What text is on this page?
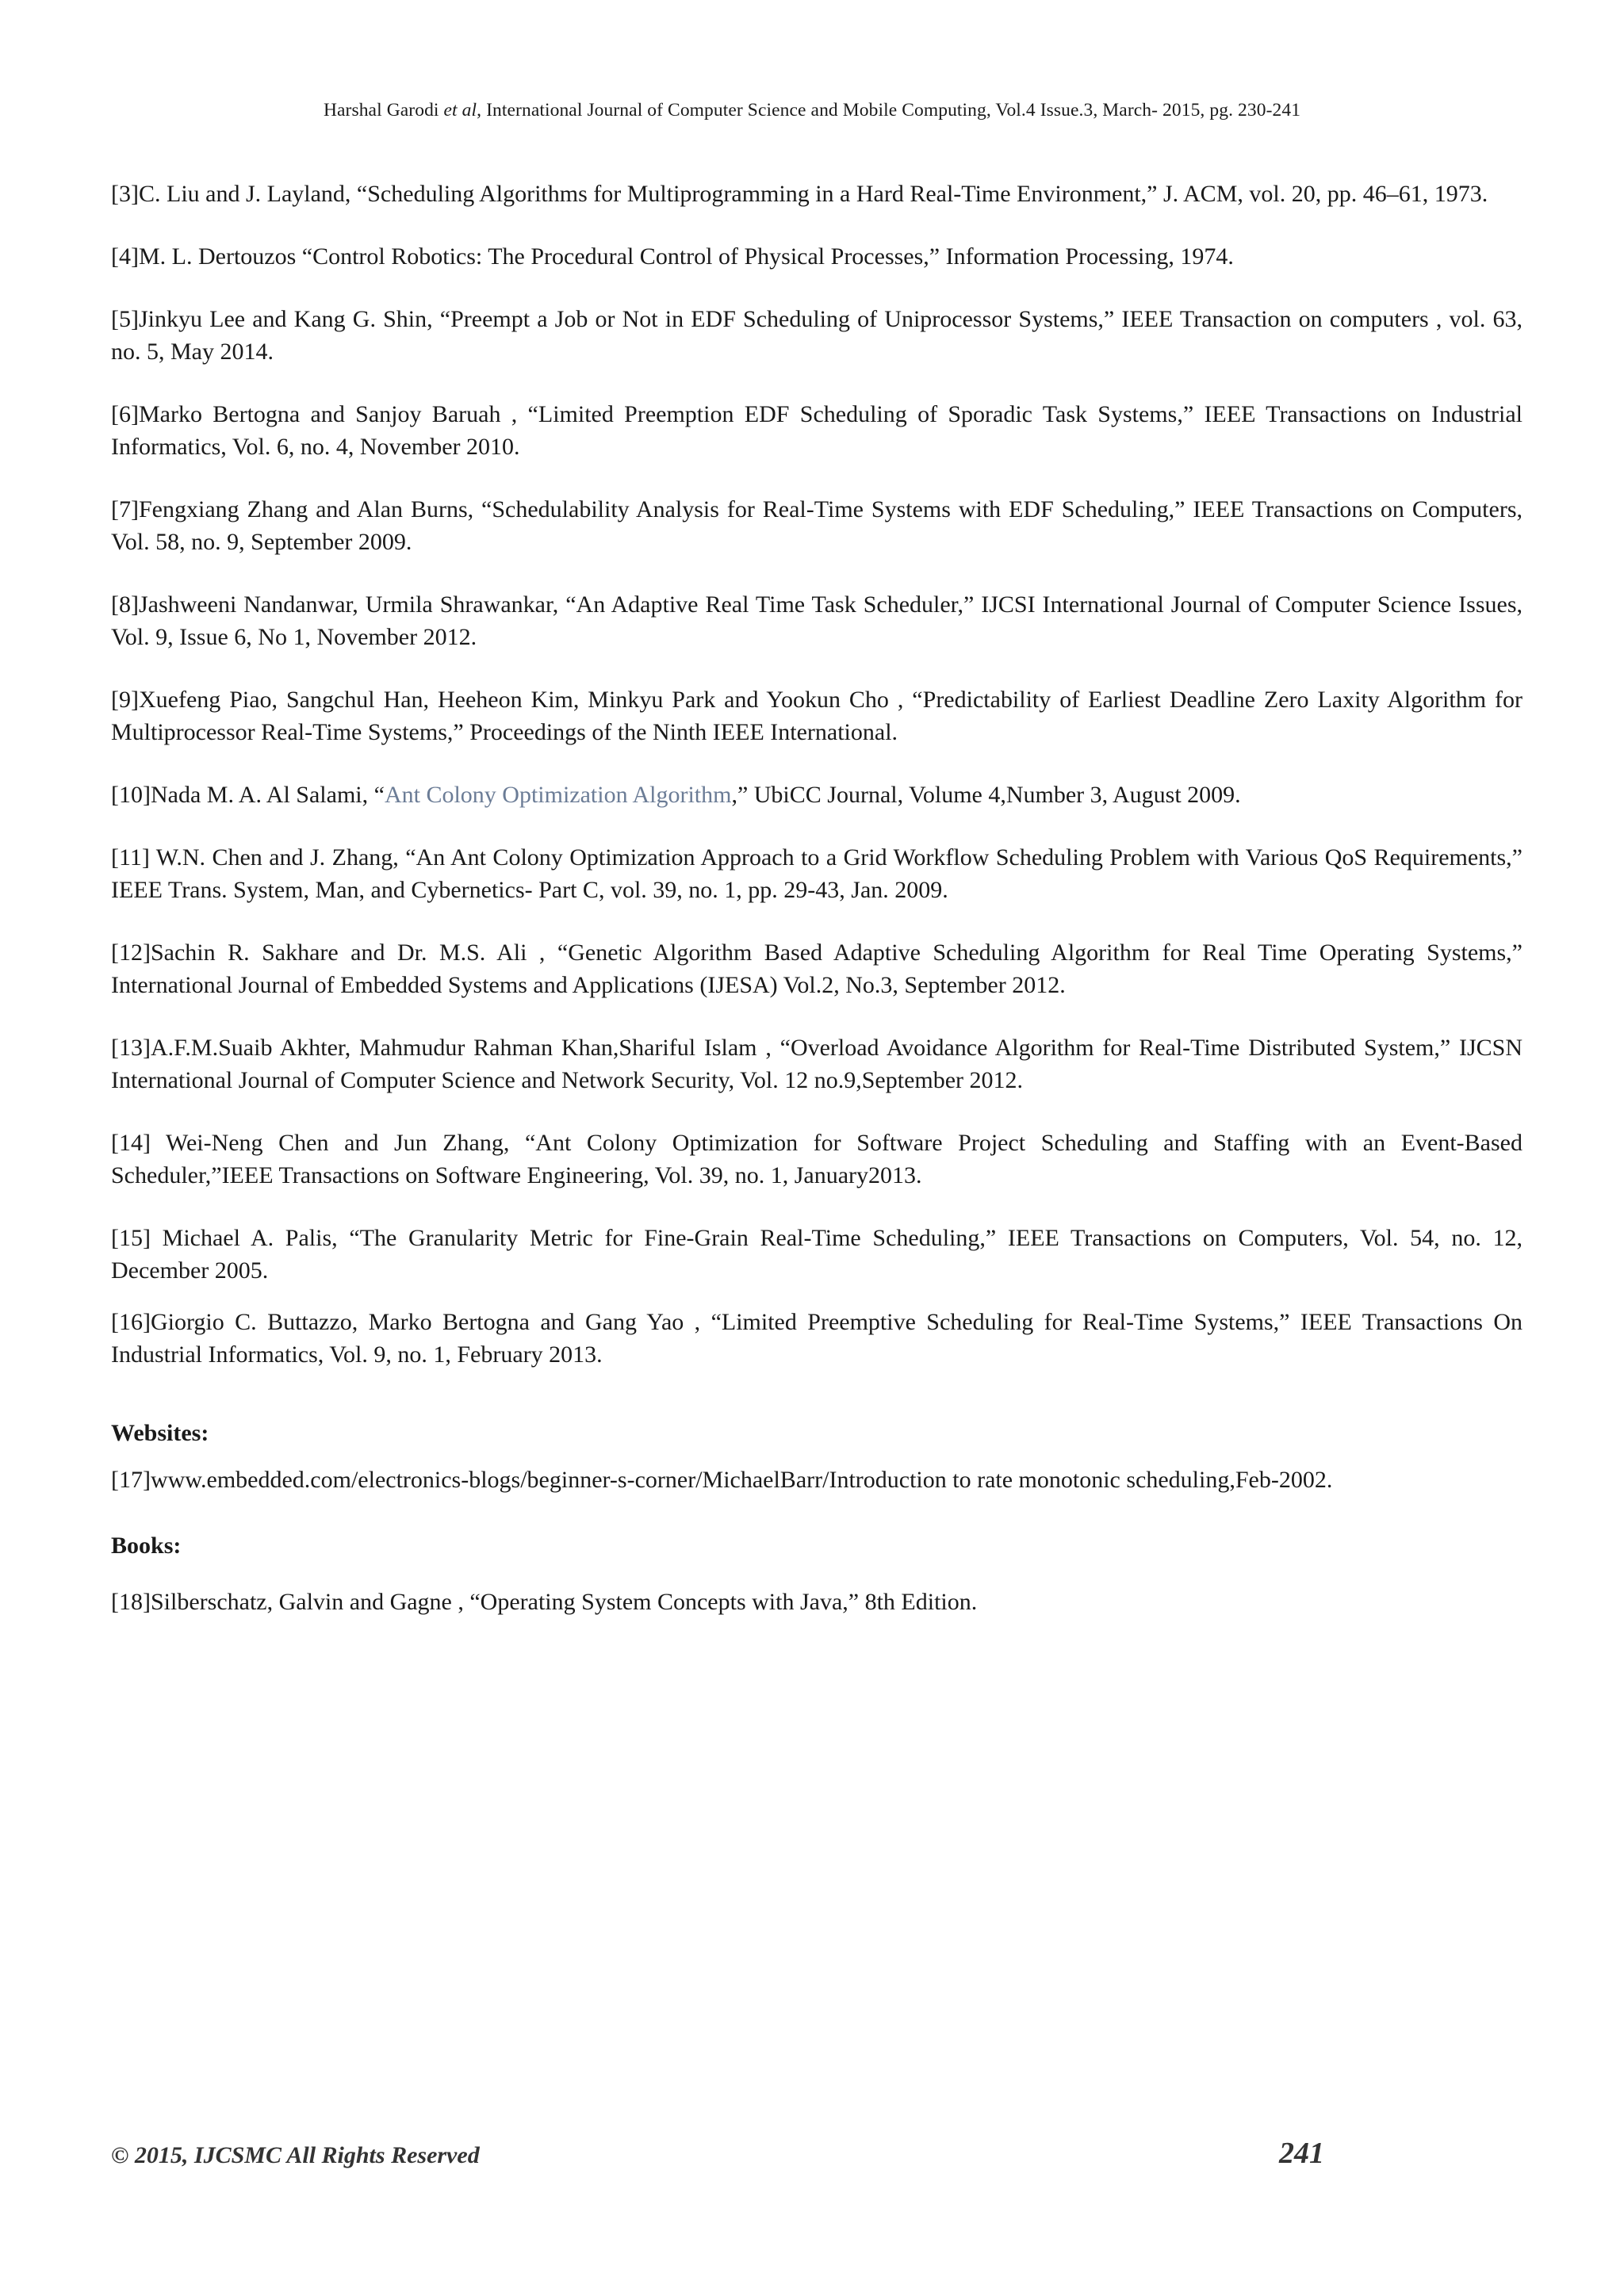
Harshal Garodi et al, International Journal of Computer Science and Mobile Computing, Vol.4 Issue.3, March- 2015, pg. 230-241

[3]C. Liu and J. Layland, “Scheduling Algorithms for Multiprogramming in a Hard Real-Time Environment,” J. ACM, vol. 20, pp. 46–61, 1973.

[4]M. L. Dertouzos “Control Robotics: The Procedural Control of Physical Processes,” Information Processing, 1974.

[5]Jinkyu Lee and Kang G. Shin, “Preempt a Job or Not in EDF Scheduling of Uniprocessor Systems,” IEEE Transaction on computers , vol. 63, no. 5, May 2014.

[6]Marko Bertogna and Sanjoy Baruah , “Limited Preemption EDF Scheduling of Sporadic Task Systems,” IEEE Transactions on Industrial Informatics, Vol. 6, no. 4, November 2010.

[7]Fengxiang Zhang and Alan Burns, “Schedulability Analysis for Real-Time Systems with EDF Scheduling,” IEEE Transactions on Computers, Vol. 58, no. 9, September 2009.

[8]Jashweeni Nandanwar, Urmila Shrawankar, “An Adaptive Real Time Task Scheduler,” IJCSI International Journal of Computer Science Issues, Vol. 9, Issue 6, No 1, November 2012.

[9]Xuefeng Piao, Sangchul Han, Heeheon Kim, Minkyu Park and Yookun Cho , “Predictability of Earliest Deadline Zero Laxity Algorithm for Multiprocessor Real-Time Systems,” Proceedings of the Ninth IEEE International.

[10]Nada M. A. Al Salami, “Ant Colony Optimization Algorithm,” UbiCC Journal, Volume 4,Number 3, August 2009.

[11] W.N. Chen and J. Zhang, “An Ant Colony Optimization Approach to a Grid Workflow Scheduling Problem with Various QoS Requirements,” IEEE Trans. System, Man, and Cybernetics- Part C, vol. 39, no. 1, pp. 29-43, Jan. 2009.

[12]Sachin R. Sakhare and Dr. M.S. Ali , “Genetic Algorithm Based Adaptive Scheduling Algorithm for Real Time Operating Systems,” International Journal of Embedded Systems and Applications (IJESA) Vol.2, No.3, September 2012.

[13]A.F.M.Suaib Akhter, Mahmudur Rahman Khan,Shariful Islam , “Overload Avoidance Algorithm for Real-Time Distributed System,” IJCSN International Journal of Computer Science and Network Security, Vol. 12 no.9,September 2012.

[14] Wei-Neng Chen and Jun Zhang, “Ant Colony Optimization for Software Project Scheduling and Staffing with an Event-Based Scheduler,”IEEE Transactions on Software Engineering, Vol. 39, no. 1, January2013.

[15] Michael A. Palis, “The Granularity Metric for Fine-Grain Real-Time Scheduling,” IEEE Transactions on Computers, Vol. 54, no. 12, December 2005.

[16]Giorgio C. Buttazzo, Marko Bertogna and Gang Yao , “Limited Preemptive Scheduling for Real-Time Systems,” IEEE Transactions On Industrial Informatics, Vol. 9, no. 1, February 2013.

Websites:

[17]www.embedded.com/electronics-blogs/beginner-s-corner/MichaelBarr/Introduction to rate monotonic scheduling,Feb-2002.

Books:

[18]Silberschatz, Galvin and Gagne , “Operating System Concepts with Java,” 8th Edition.

© 2015, IJCSMC All Rights Reserved	241
